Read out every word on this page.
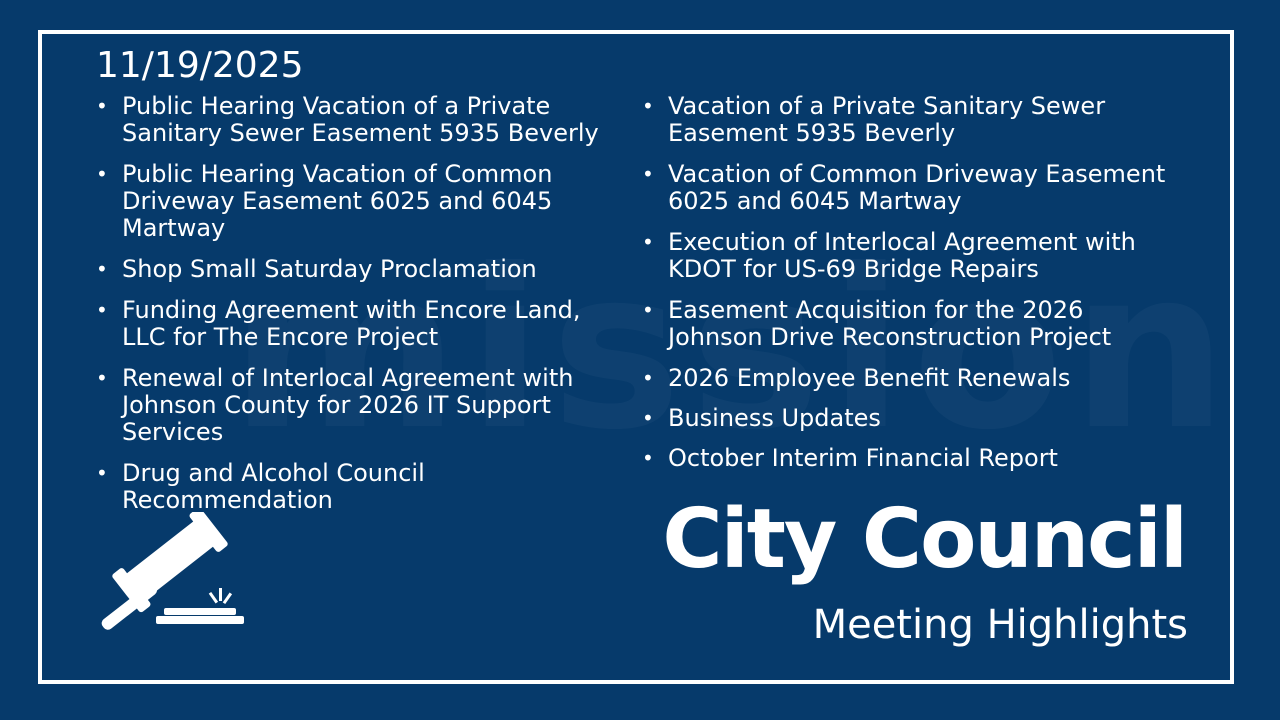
11/19/2025
• Public Hearing Vacation of a Private Sanitary Sewer Easement 5935 Beverly
• Public Hearing Vacation of Common Driveway Easement 6025 and 6045 Martway
• Shop Small Saturday Proclamation
• Funding Agreement with Encore Land, LLC for The Encore Project
• Renewal of Interlocal Agreement with Johnson County for 2026 IT Support Services
• Drug and Alcohol Council Recommendation
• Vacation of a Private Sanitary Sewer Easement 5935 Beverly
• Vacation of Common Driveway Easement 6025 and 6045 Martway
• Execution of Interlocal Agreement with KDOT for US-69 Bridge Repairs
• Easement Acquisition for the 2026 Johnson Drive Reconstruction Project
• 2026 Employee Benefit Renewals
• Business Updates
• October Interim Financial Report
City Council
Meeting Highlights
